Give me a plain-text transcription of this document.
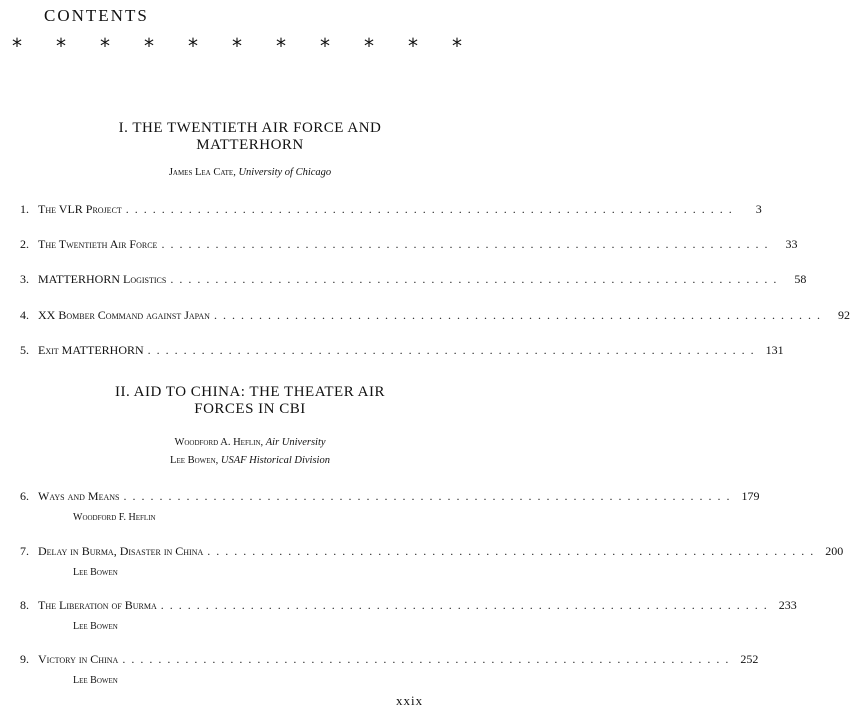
CONTENTS
* * * * * * * * * * *
I. THE TWENTIETH AIR FORCE AND
MATTERHORN
James Lea Cate, University of Chicago
1. The VLR Project ....................................................................	3
2. The Twentieth Air Force ....................................................................	33
3. MATTERHORN Logistics ....................................................................	58
4. XX Bomber Command against Japan ....................................................................	92
5. Exit MATTERHORN .................................................................... 131
II. AID TO CHINA: THE THEATER AIR
FORCES IN CBI
Woodford A. Heflin, Air University
Lee Bowen, USAF Historical Division
6. Ways and Means .................................................................... 179
Woodford F. Heflin
7. Delay in Burma, Disaster in China .................................................................... 200
Lee Bowen
8. The Liberation of Burma .................................................................... 233
Lee Bowen
9. Victory in China .................................................................... 252
Lee Bowen
xxix
